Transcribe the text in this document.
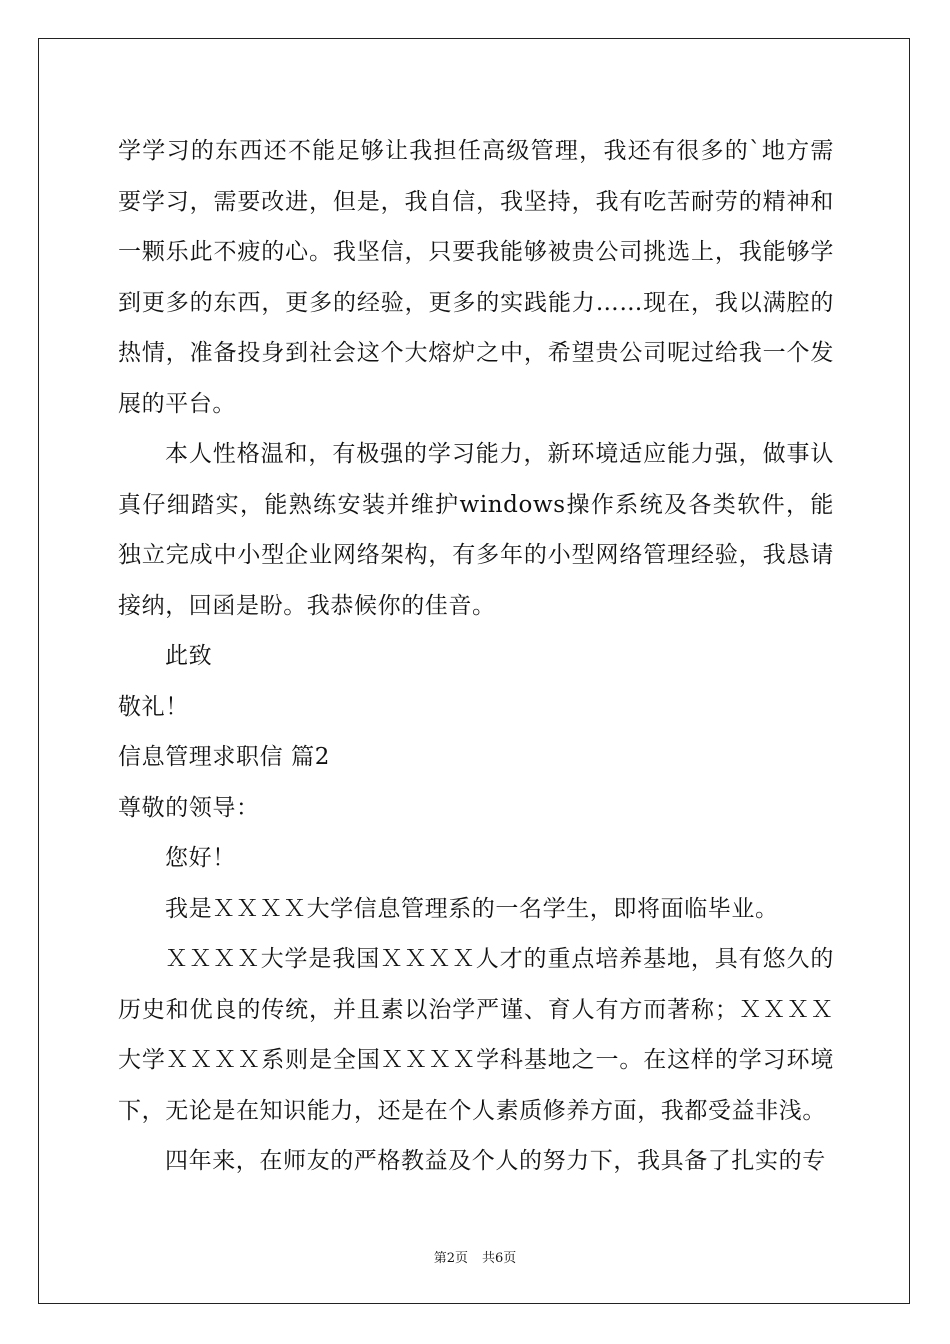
学学习的东西还不能足够让我担任高级管理，我还有很多的`地方需要学习，需要改进，但是，我自信，我坚持，我有吃苦耐劳的精神和一颗乐此不疲的心。我坚信，只要我能够被贵公司挑选上，我能够学到更多的东西，更多的经验，更多的实践能力……现在，我以满腔的热情，准备投身到社会这个大熔炉之中，希望贵公司呢过给我一个发展的平台。

本人性格温和，有极强的学习能力，新环境适应能力强，做事认真仔细踏实，能熟练安装并维护windows操作系统及各类软件，能独立完成中小型企业网络架构，有多年的小型网络管理经验，我恳请接纳，回函是盼。我恭候你的佳音。

此致

敬礼！

信息管理求职信 篇2

尊敬的领导：

您好！

我是ＸＸＸＸ大学信息管理系的一名学生，即将面临毕业。

ＸＸＸＸ大学是我国ＸＸＸＸ人才的重点培养基地，具有悠久的历史和优良的传统，并且素以治学严谨、育人有方而著称；ＸＸＸＸ大学ＸＸＸＸ系则是全国ＸＸＸＸ学科基地之一。在这样的学习环境下，无论是在知识能力，还是在个人素质修养方面，我都受益非浅。

四年来，在师友的严格教益及个人的努力下，我具备了扎实的专

第2页 共6页
